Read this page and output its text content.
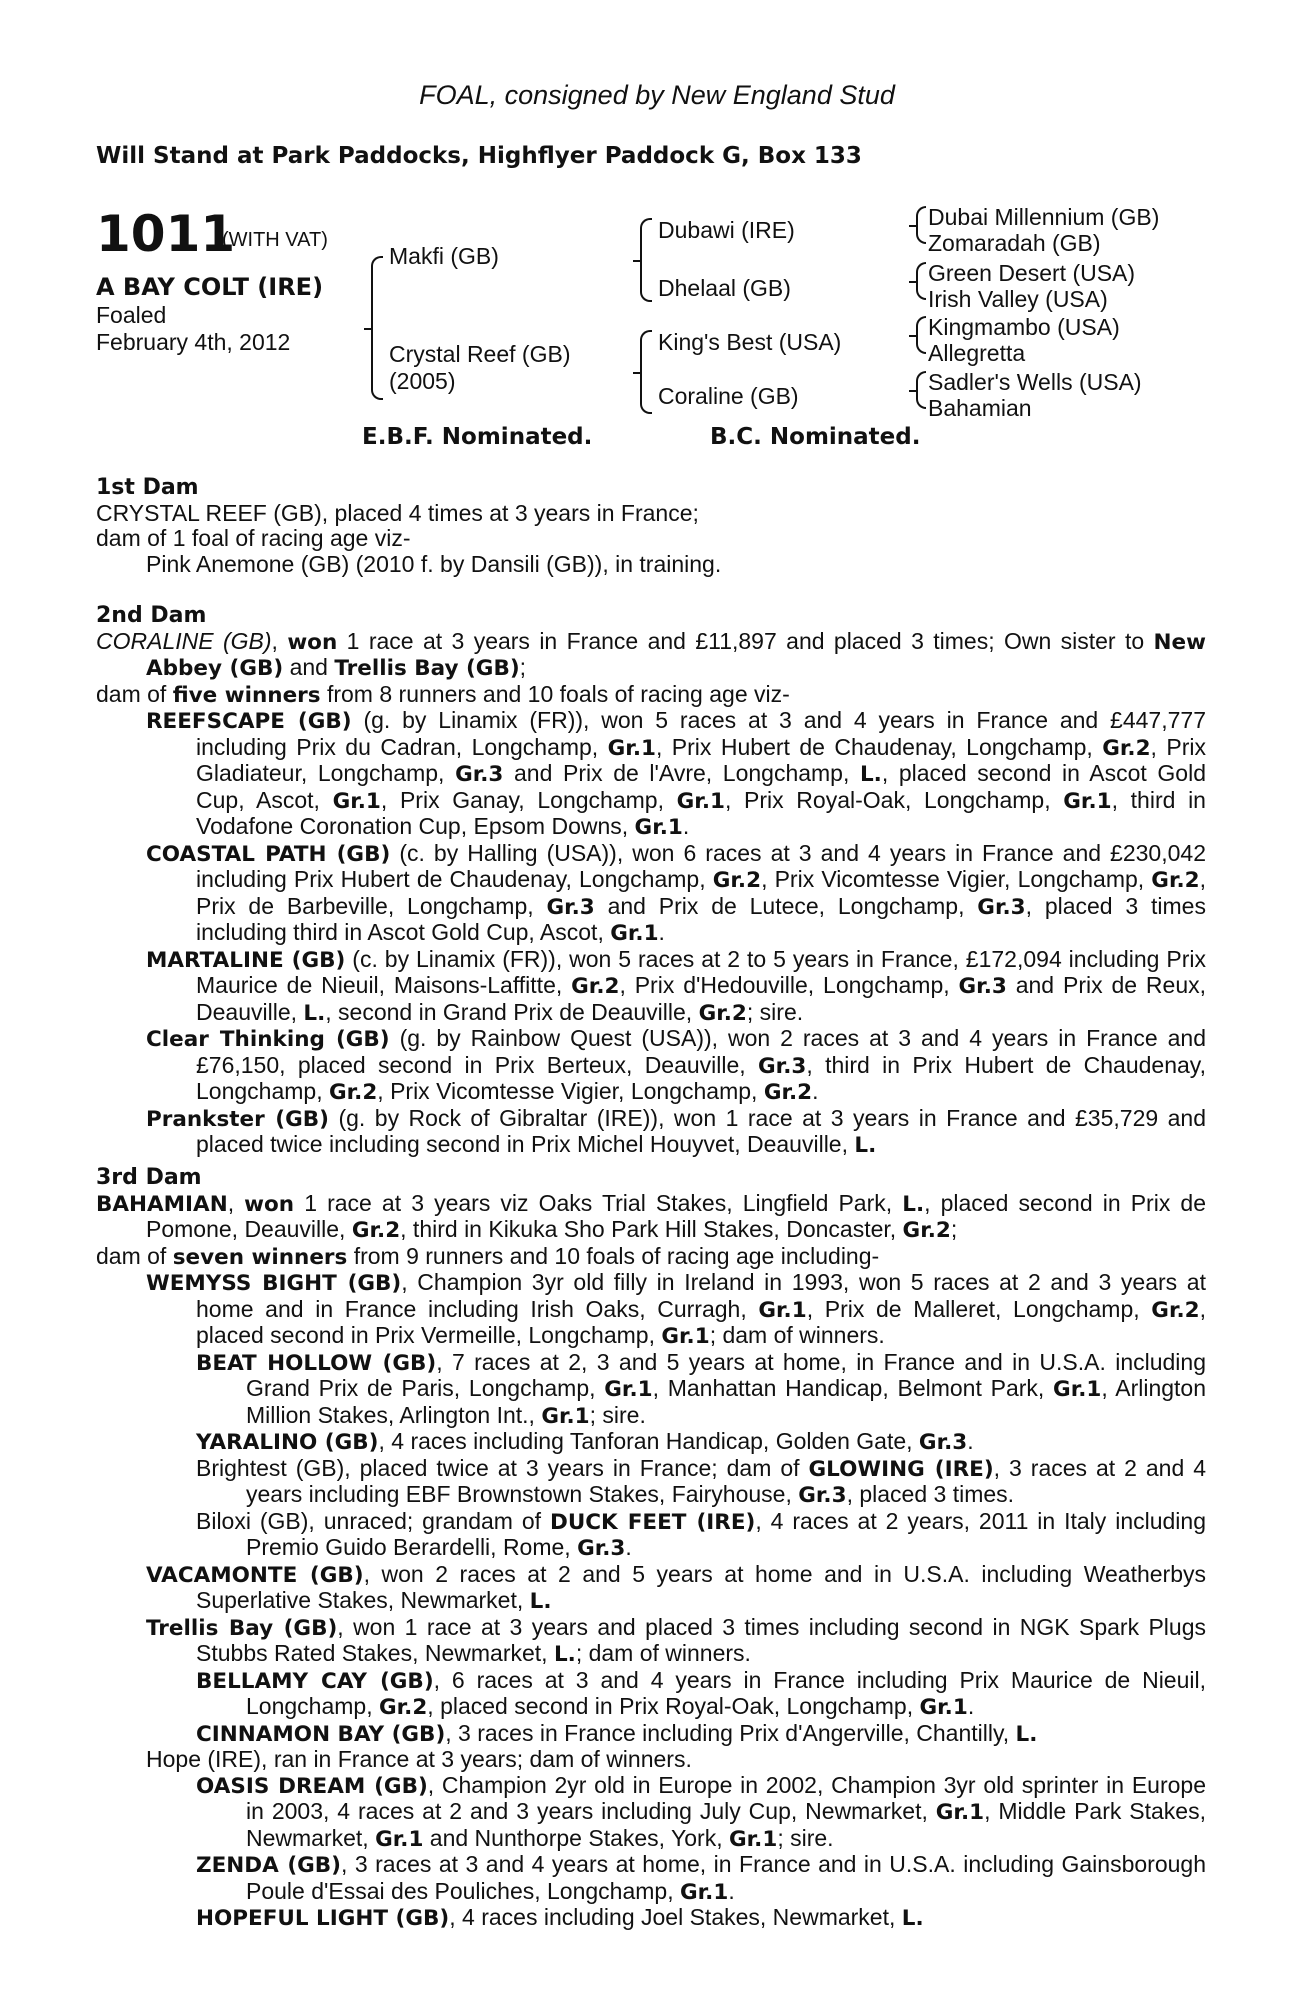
FOAL, consigned by New England Stud
Will Stand at Park Paddocks, Highflyer Paddock G, Box 133
1011
(WITH VAT)
A BAY COLT (IRE)
Foaled
February 4th, 2012
Makfi (GB)
Crystal Reef (GB)
(2005)
Dubawi (IRE)
Dhelaal (GB)
King's Best (USA)
Coraline (GB)
Dubai Millennium (GB)
Zomaradah (GB)
Green Desert (USA)
Irish Valley (USA)
Kingmambo (USA)
Allegretta
Sadler's Wells (USA)
Bahamian
E.B.F. Nominated.	B.C. Nominated.
1st Dam
CRYSTAL REEF (GB), placed 4 times at 3 years in France;
dam of 1 foal of racing age viz-
Pink Anemone (GB) (2010 f. by Dansili (GB)), in training.
2nd Dam
CORALINE (GB), won 1 race at 3 years in France and £11,897 and placed 3 times; Own sister to New Abbey (GB) and Trellis Bay (GB);
dam of five winners from 8 runners and 10 foals of racing age viz-
REEFSCAPE (GB) (g. by Linamix (FR)), won 5 races at 3 and 4 years in France and £447,777 including Prix du Cadran, Longchamp, Gr.1, Prix Hubert de Chaudenay, Longchamp, Gr.2, Prix Gladiateur, Longchamp, Gr.3 and Prix de l'Avre, Longchamp, L., placed second in Ascot Gold Cup, Ascot, Gr.1, Prix Ganay, Longchamp, Gr.1, Prix Royal-Oak, Longchamp, Gr.1, third in Vodafone Coronation Cup, Epsom Downs, Gr.1.
COASTAL PATH (GB) (c. by Halling (USA)), won 6 races at 3 and 4 years in France and £230,042 including Prix Hubert de Chaudenay, Longchamp, Gr.2, Prix Vicomtesse Vigier, Longchamp, Gr.2, Prix de Barbeville, Longchamp, Gr.3 and Prix de Lutece, Longchamp, Gr.3, placed 3 times including third in Ascot Gold Cup, Ascot, Gr.1.
MARTALINE (GB) (c. by Linamix (FR)), won 5 races at 2 to 5 years in France, £172,094 including Prix Maurice de Nieuil, Maisons-Laffitte, Gr.2, Prix d'Hedouville, Longchamp, Gr.3 and Prix de Reux, Deauville, L., second in Grand Prix de Deauville, Gr.2; sire.
Clear Thinking (GB) (g. by Rainbow Quest (USA)), won 2 races at 3 and 4 years in France and £76,150, placed second in Prix Berteux, Deauville, Gr.3, third in Prix Hubert de Chaudenay, Longchamp, Gr.2, Prix Vicomtesse Vigier, Longchamp, Gr.2.
Prankster (GB) (g. by Rock of Gibraltar (IRE)), won 1 race at 3 years in France and £35,729 and placed twice including second in Prix Michel Houyvet, Deauville, L.
3rd Dam
BAHAMIAN, won 1 race at 3 years viz Oaks Trial Stakes, Lingfield Park, L., placed second in Prix de Pomone, Deauville, Gr.2, third in Kikuka Sho Park Hill Stakes, Doncaster, Gr.2;
dam of seven winners from 9 runners and 10 foals of racing age including-
WEMYSS BIGHT (GB), Champion 3yr old filly in Ireland in 1993, won 5 races at 2 and 3 years at home and in France including Irish Oaks, Curragh, Gr.1, Prix de Malleret, Longchamp, Gr.2, placed second in Prix Vermeille, Longchamp, Gr.1; dam of winners.
BEAT HOLLOW (GB), 7 races at 2, 3 and 5 years at home, in France and in U.S.A. including Grand Prix de Paris, Longchamp, Gr.1, Manhattan Handicap, Belmont Park, Gr.1, Arlington Million Stakes, Arlington Int., Gr.1; sire.
YARALINO (GB), 4 races including Tanforan Handicap, Golden Gate, Gr.3.
Brightest (GB), placed twice at 3 years in France; dam of GLOWING (IRE), 3 races at 2 and 4 years including EBF Brownstown Stakes, Fairyhouse, Gr.3, placed 3 times.
Biloxi (GB), unraced; grandam of DUCK FEET (IRE), 4 races at 2 years, 2011 in Italy including Premio Guido Berardelli, Rome, Gr.3.
VACAMONTE (GB), won 2 races at 2 and 5 years at home and in U.S.A. including Weatherbys Superlative Stakes, Newmarket, L.
Trellis Bay (GB), won 1 race at 3 years and placed 3 times including second in NGK Spark Plugs Stubbs Rated Stakes, Newmarket, L.; dam of winners.
BELLAMY CAY (GB), 6 races at 3 and 4 years in France including Prix Maurice de Nieuil, Longchamp, Gr.2, placed second in Prix Royal-Oak, Longchamp, Gr.1.
CINNAMON BAY (GB), 3 races in France including Prix d'Angerville, Chantilly, L.
Hope (IRE), ran in France at 3 years; dam of winners.
OASIS DREAM (GB), Champion 2yr old in Europe in 2002, Champion 3yr old sprinter in Europe in 2003, 4 races at 2 and 3 years including July Cup, Newmarket, Gr.1, Middle Park Stakes, Newmarket, Gr.1 and Nunthorpe Stakes, York, Gr.1; sire.
ZENDA (GB), 3 races at 3 and 4 years at home, in France and in U.S.A. including Gainsborough Poule d'Essai des Pouliches, Longchamp, Gr.1.
HOPEFUL LIGHT (GB), 4 races including Joel Stakes, Newmarket, L.
